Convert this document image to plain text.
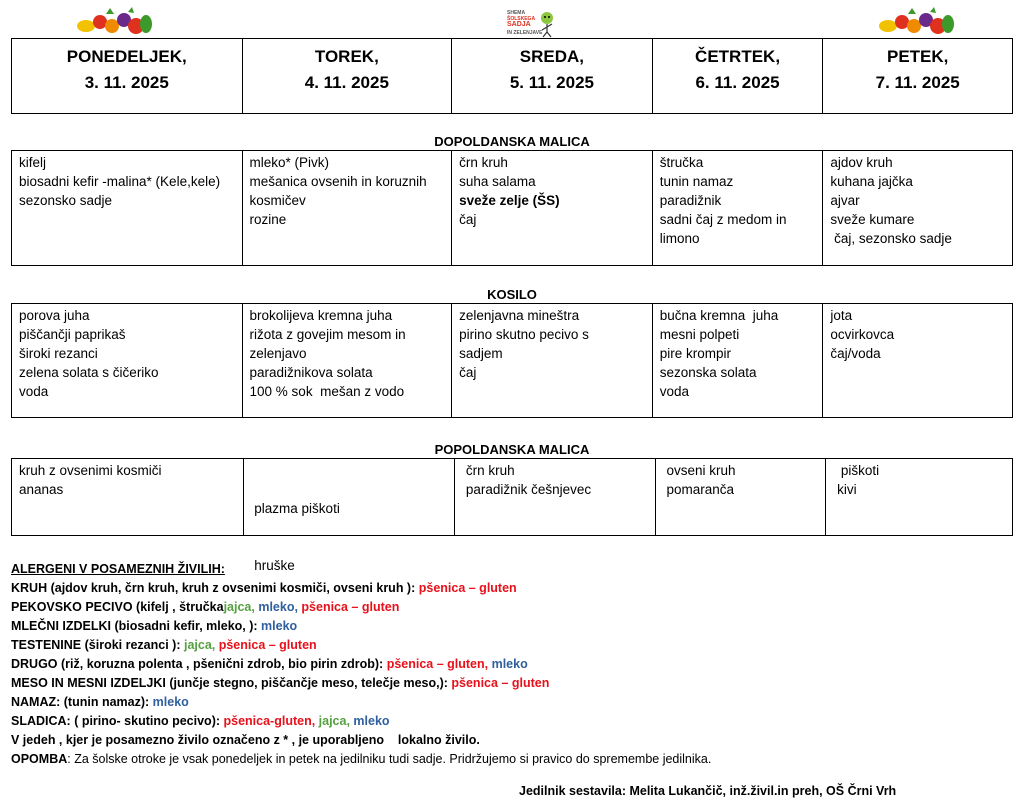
SHEMA
ŠOLSKEGA
SADJA
IN ZELENJAVE
PONEDELJEK,
3. 11. 2025
TOREK,
4. 11. 2025
SREDA,
5. 11. 2025
ČETRTEK,
6. 11. 2025
PETEK,
7. 11. 2025
DOPOLDANSKA MALICA
kifelj
biosadni kefir -malina* (Kele,kele)
sezonsko sadje
mleko* (Pivk)
mešanica ovsenih in koruznih
kosmičev
rozine
črn kruh
suha salama
sveže zelje (ŠS)
čaj
štručka
tunin namaz
paradižnik
sadni čaj z medom in
limono
ajdov kruh
kuhana jajčka
ajvar
sveže kumare
čaj, sezonsko sadje
KOSILO
porova juha
piščančji paprikaš
široki rezanci
zelena solata s čičeriko
voda
brokolijeva kremna juha
rižota z govejim mesom in
zelenjavo
paradižnikova solata
100 % sok  mešan z vodo
zelenjavna mineštra
pirino skutno pecivo s
sadjem
čaj
bučna kremna  juha
mesni polpeti
pire krompir
sezonska solata
voda
jota
ocvirkovca
čaj/voda
POPOLDANSKA MALICA
kruh z ovsenimi kosmiči
ananas

plazma piškoti

hruške

črn kruh
paradižnik češnjevec
ovseni kruh
pomaranča
piškoti
kivi
ALERGENI V POSAMEZNIH ŽIVILIH:
KRUH (ajdov kruh, črn kruh, kruh z ovsenimi kosmiči, ovseni kruh ): pšenica – gluten
PEKOVSKO PECIVO (kifelj , štručkajajca, mleko, pšenica – gluten
MLEČNI IZDELKI (biosadni kefir, mleko, ): mleko
TESTENINE (široki rezanci ): jajca, pšenica – gluten
DRUGO (riž, koruzna polenta , pšenični zdrob, bio pirin zdrob): pšenica – gluten, mleko
MESO IN MESNI IZDELJKI (junčje stegno, piščančje meso, telečje meso,): pšenica – gluten
NAMAZ: (tunin namaz): mleko
SLADICA: ( pirino- skutino pecivo): pšenica-gluten, jajca, mleko
V jedeh , kjer je posamezno živilo označeno z * , je uporabljeno    lokalno živilo.
OPOMBA: Za šolske otroke je vsak ponedeljek in petek na jedilniku tudi sadje. Pridržujemo si pravico do spremembe jedilnika.
Jedilnik sestavila: Melita Lukančič, inž.živil.in preh, OŠ Črni Vrh
